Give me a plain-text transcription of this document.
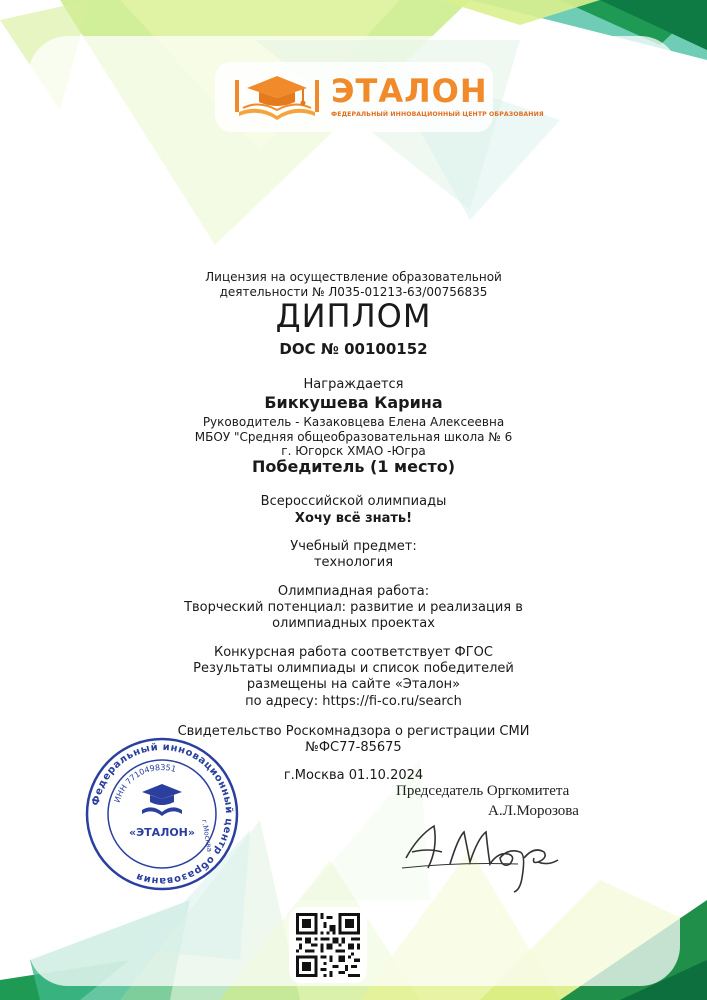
ЭТАЛОН
ФЕДЕРАЛЬНЫЙ ИННОВАЦИОННЫЙ ЦЕНТР ОБРАЗОВАНИЯ
Лицензия на осуществление образовательной
деятельности № Л035-01213-63/00756835
ДИПЛОМ
DOC № 00100152
Награждается
Биккушева Карина
Руководитель - Казаковцева Елена Алексеевна
МБОУ "Средняя общеобразовательная школа № 6
г. Югорск ХМАО -Югра
Победитель (1 место)
Всероссийской олимпиады
Хочу всё знать!
Учебный предмет:
технология
Олимпиадная работа:
Творческий потенциал: развитие и реализация в
олимпиадных проектах
Конкурсная работа соответствует ФГОС
Результаты олимпиады и список победителей
размещены на сайте «Эталон»
по адресу: https://fi-co.ru/search
Свидетельство Роскомнадзора о регистрации СМИ
№ФС77-85675
г.Москва 01.10.2024
Федеральный инновационный центр образования
ИНН 7710498351
г.Москва
«ЭТАЛОН»
Председатель Оргкомитета
А.Л.Морозова
